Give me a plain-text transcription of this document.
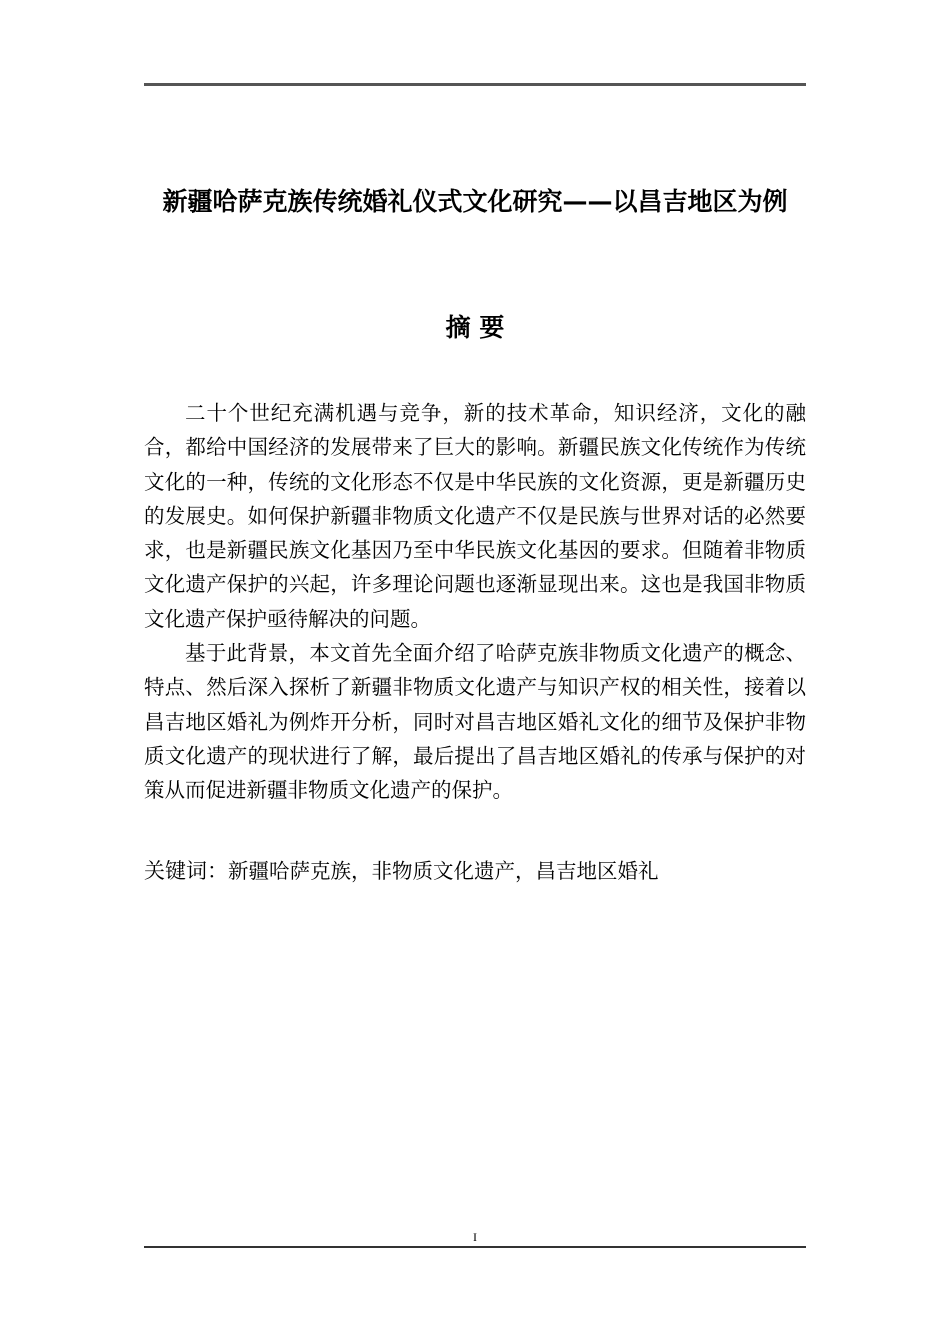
新疆哈萨克族传统婚礼仪式文化研究——以昌吉地区为例
摘 要

二十个世纪充满机遇与竞争，新的技术革命，知识经济，文化的融合，都给中国经济的发展带来了巨大的影响。新疆民族文化传统作为传统文化的一种，传统的文化形态不仅是中华民族的文化资源，更是新疆历史的发展史。如何保护新疆非物质文化遗产不仅是民族与世界对话的必然要求，也是新疆民族文化基因乃至中华民族文化基因的要求。但随着非物质文化遗产保护的兴起，许多理论问题也逐渐显现出来。这也是我国非物质文化遗产保护亟待解决的问题。

基于此背景，本文首先全面介绍了哈萨克族非物质文化遗产的概念、特点、然后深入探析了新疆非物质文化遗产与知识产权的相关性，接着以昌吉地区婚礼为例炸开分析，同时对昌吉地区婚礼文化的细节及保护非物质文化遗产的现状进行了解，最后提出了昌吉地区婚礼的传承与保护的对策从而促进新疆非物质文化遗产的保护。

关键词：新疆哈萨克族，非物质文化遗产，昌吉地区婚礼

I
